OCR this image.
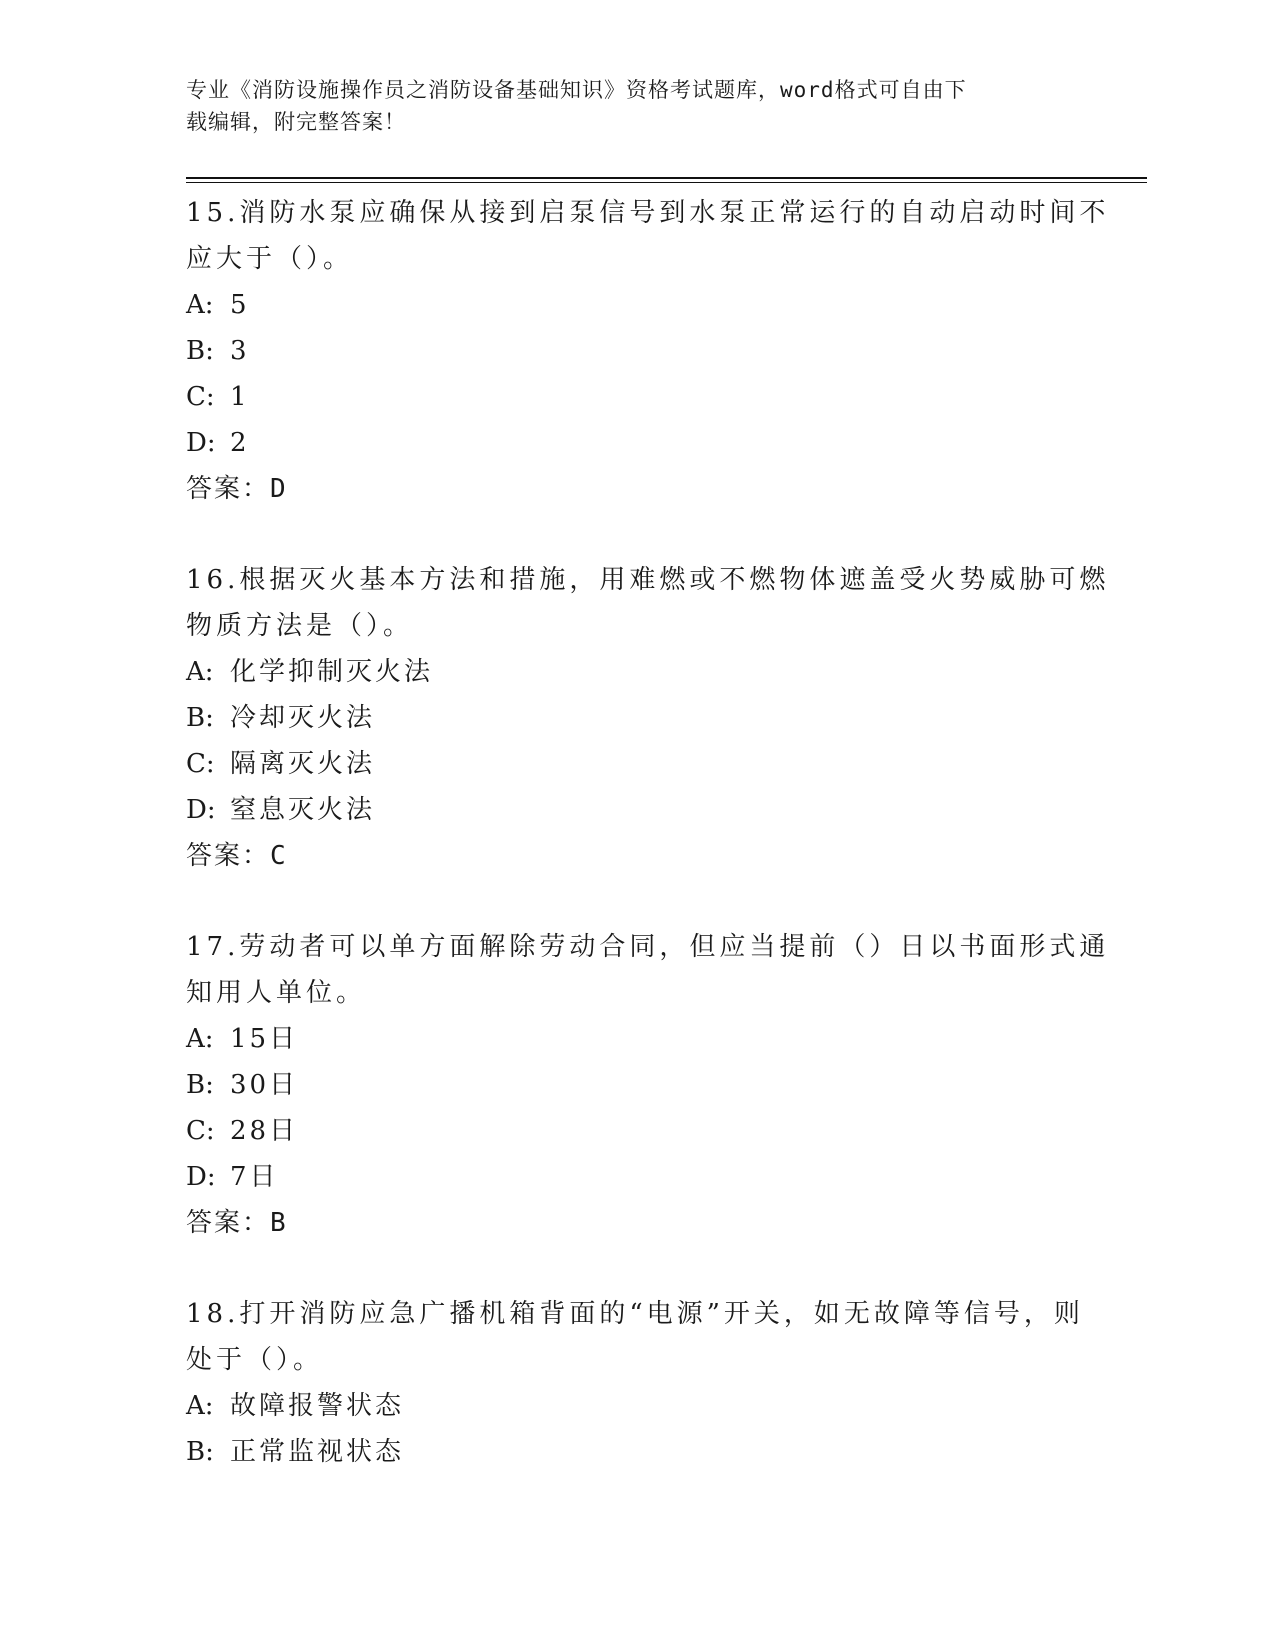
专业《消防设施操作员之消防设备基础知识》资格考试题库，word格式可自由下
载编辑，附完整答案！
15.消防水泵应确保从接到启泵信号到水泵正常运行的自动启动时间不
应大于（）。
A: 5
B: 3
C: 1
D: 2
答案：D
16.根据灭火基本方法和措施，用难燃或不燃物体遮盖受火势威胁可燃
物质方法是（）。
A: 化学抑制灭火法
B: 冷却灭火法
C: 隔离灭火法
D: 窒息灭火法
答案：C
17.劳动者可以单方面解除劳动合同，但应当提前（）日以书面形式通
知用人单位。
A: 15日
B: 30日
C: 28日
D: 7日
答案：B
18.打开消防应急广播机箱背面的“电源”开关，如无故障等信号，则
处于（）。
A: 故障报警状态
B: 正常监视状态
